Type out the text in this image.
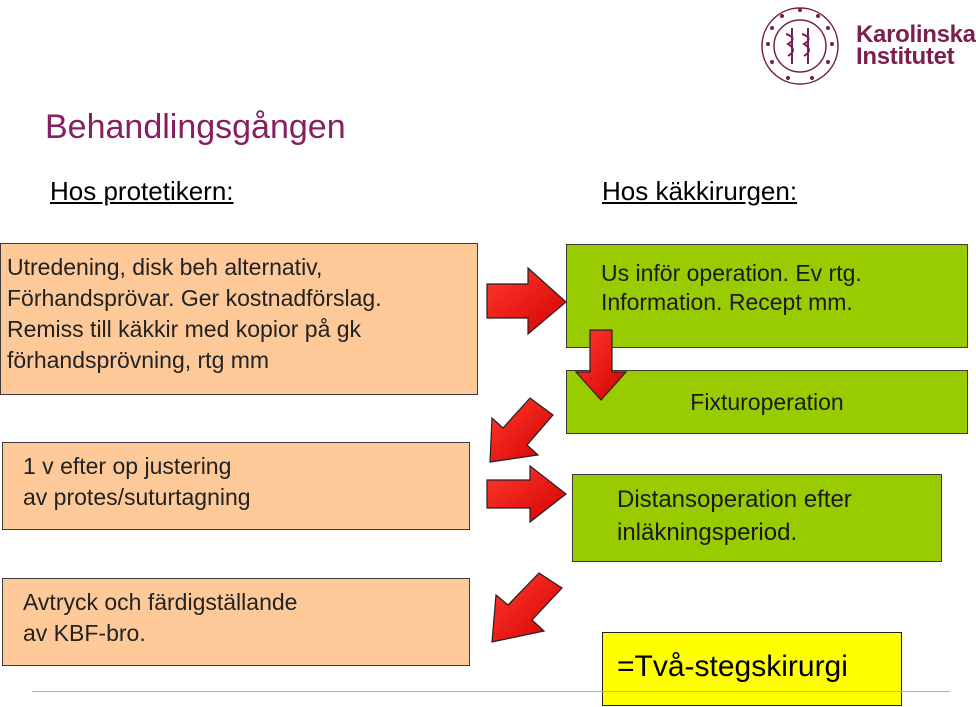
Karolinska
Institutet
Behandlingsgången
Hos protetikern:	Hos käkkirurgen:
Utredening, disk beh alternativ,
Förhandsprövar. Ger kostnadförslag.
Remiss till käkkir med kopior på gk
förhandsprövning, rtg mm
1 v efter op justering
av protes/suturtagning
Avtryck och färdigställande
av KBF-bro.
Us inför operation. Ev rtg.
Information. Recept mm.
Fixturoperation
Distansoperation efter
inläkningsperiod.
=Två-stegskirurgi
